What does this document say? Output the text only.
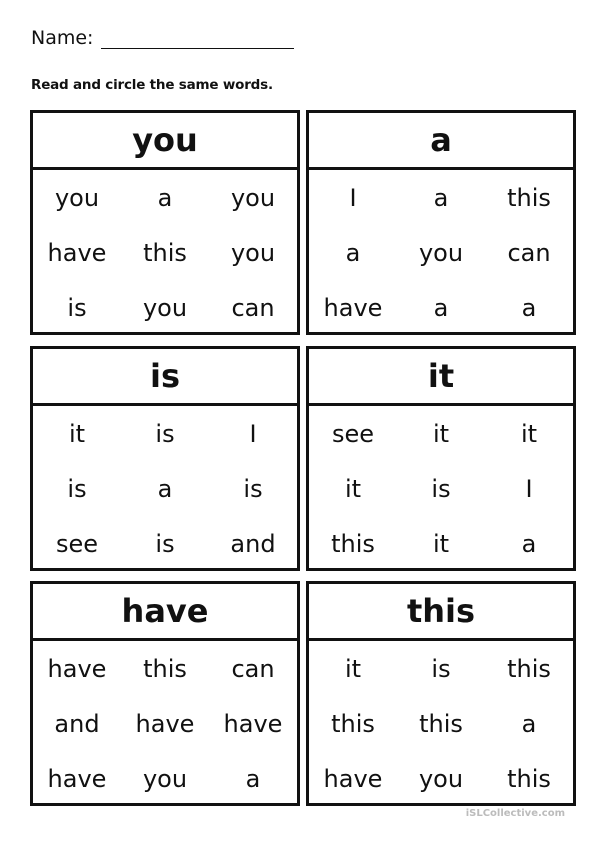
Name:
Read and circle the same words.
you
you	a	you
have	this	you
is	you	can
a
I	a	this
a	you	can
have	a	a
is
it	is	I
is	a	is
see	is	and
it
see	it	it
it	is	I
this	it	a
have
have	this	can
and	have	have
have	you	a
this
it	is	this
this	this	a
have	you	this
iSLCollective.com
